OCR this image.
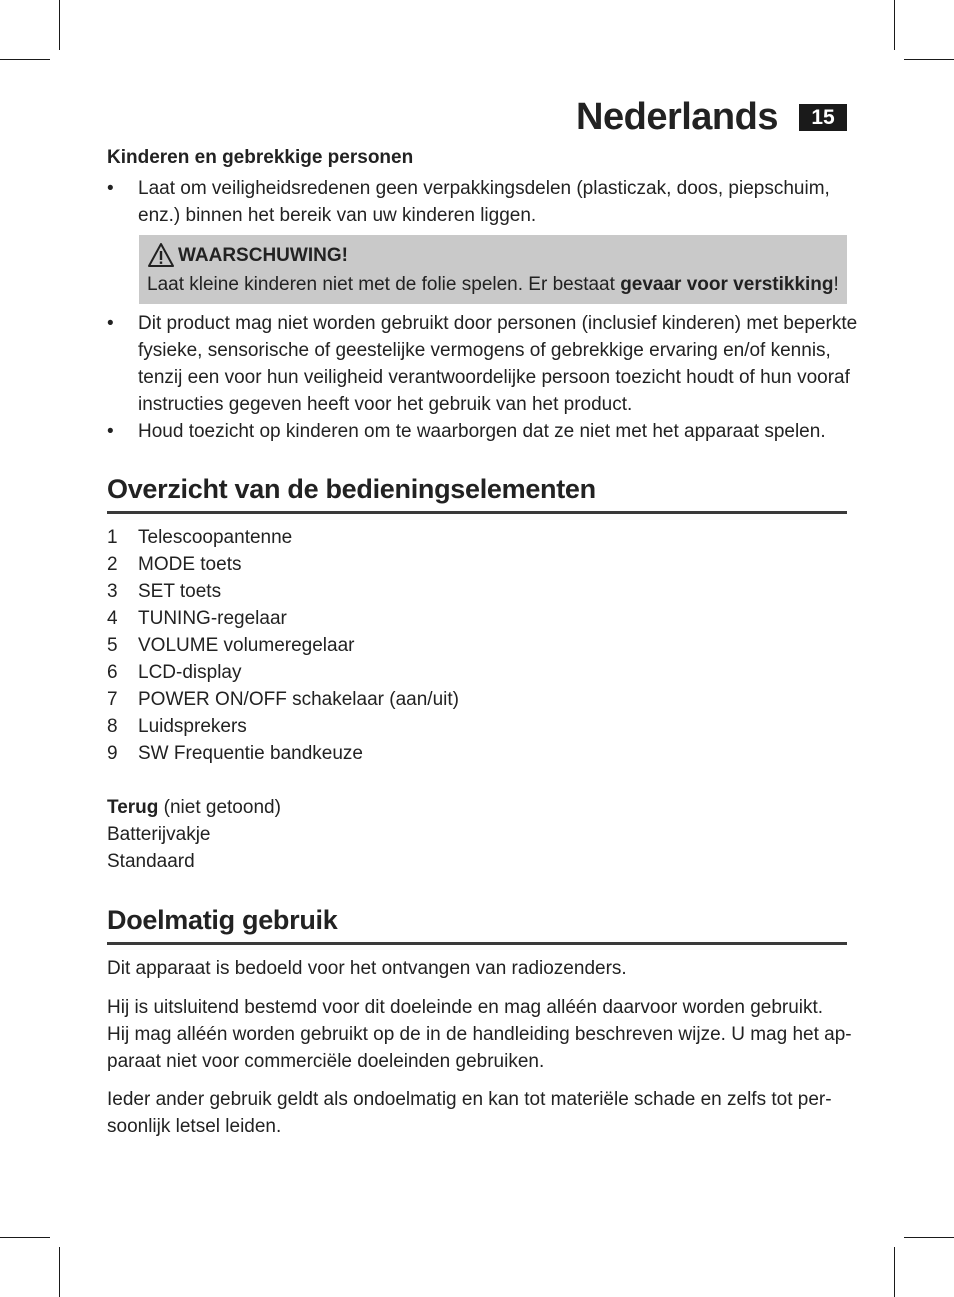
Nederlands	15
Kinderen en gebrekkige personen
•	Laat om veiligheidsredenen geen verpakkingsdelen (plasticzak, doos, piepschuim,
enz.) binnen het bereik van uw kinderen liggen.
WAARSCHUWING!
Laat kleine kinderen niet met de folie spelen. Er bestaat gevaar voor verstikking!
•	Dit product mag niet worden gebruikt door personen (inclusief kinderen) met beperkte
fysieke, sensorische of geestelijke vermogens of gebrekkige ervaring en/of kennis,
tenzij een voor hun veiligheid verantwoordelijke persoon toezicht houdt of hun vooraf
instructies gegeven heeft voor het gebruik van het product.
•	Houd toezicht op kinderen om te waarborgen dat ze niet met het apparaat spelen.
Overzicht van de bedieningselementen
1	Telescoopantenne
2	MODE toets
3	SET toets
4	TUNING-regelaar
5	VOLUME volumeregelaar
6	LCD-display
7	POWER ON/OFF schakelaar (aan/uit)
8	Luidsprekers
9	SW Frequentie bandkeuze
Terug (niet getoond)
Batterijvakje
Standaard
Doelmatig gebruik
Dit apparaat is bedoeld voor het ontvangen van radiozenders.
Hij is uitsluitend bestemd voor dit doeleinde en mag alléén daarvoor worden gebruikt.
Hij mag alléén worden gebruikt op de in de handleiding beschreven wijze. U mag het ap-
paraat niet voor commerciële doeleinden gebruiken.
Ieder ander gebruik geldt als ondoelmatig en kan tot materiële schade en zelfs tot per-
soonlijk letsel leiden.
